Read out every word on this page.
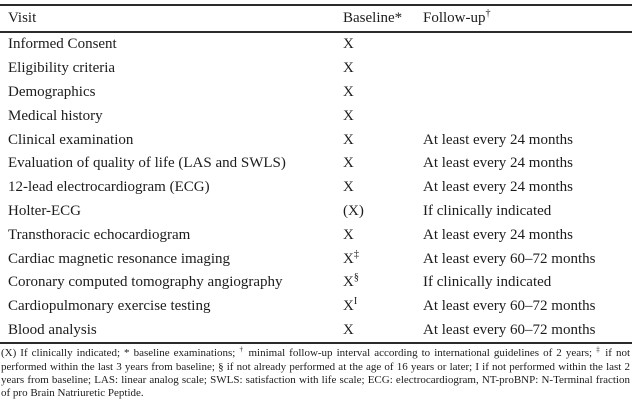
Visit	Baseline*	Follow-up†
Informed Consent	X	
Eligibility criteria	X	
Demographics	X	
Medical history	X	
Clinical examination	X	At least every 24 months
Evaluation of quality of life (LAS and SWLS)	X	At least every 24 months
12-lead electrocardiogram (ECG)	X	At least every 24 months
Holter-ECG	(X)	If clinically indicated
Transthoracic echocardiogram	X	At least every 24 months
Cardiac magnetic resonance imaging	X‡	At least every 60–72 months
Coronary computed tomography angiography	X§	If clinically indicated
Cardiopulmonary exercise testing	$X^I$	At least every 60–72 months
Blood analysis	X	At least every 60–72 months
(X) If clinically indicated; * baseline examinations; † minimal follow-up interval according to international guidelines of 2 years; ‡ if not performed within the last 3 years from baseline; § if not already performed at the age of 16 years or later; I if not performed within the last 2 years from baseline; LAS: linear analog scale; SWLS: satisfaction with life scale; ECG: electrocardiogram, NT-proBNP: N-Terminal fraction of pro Brain Natriuretic Peptide.
